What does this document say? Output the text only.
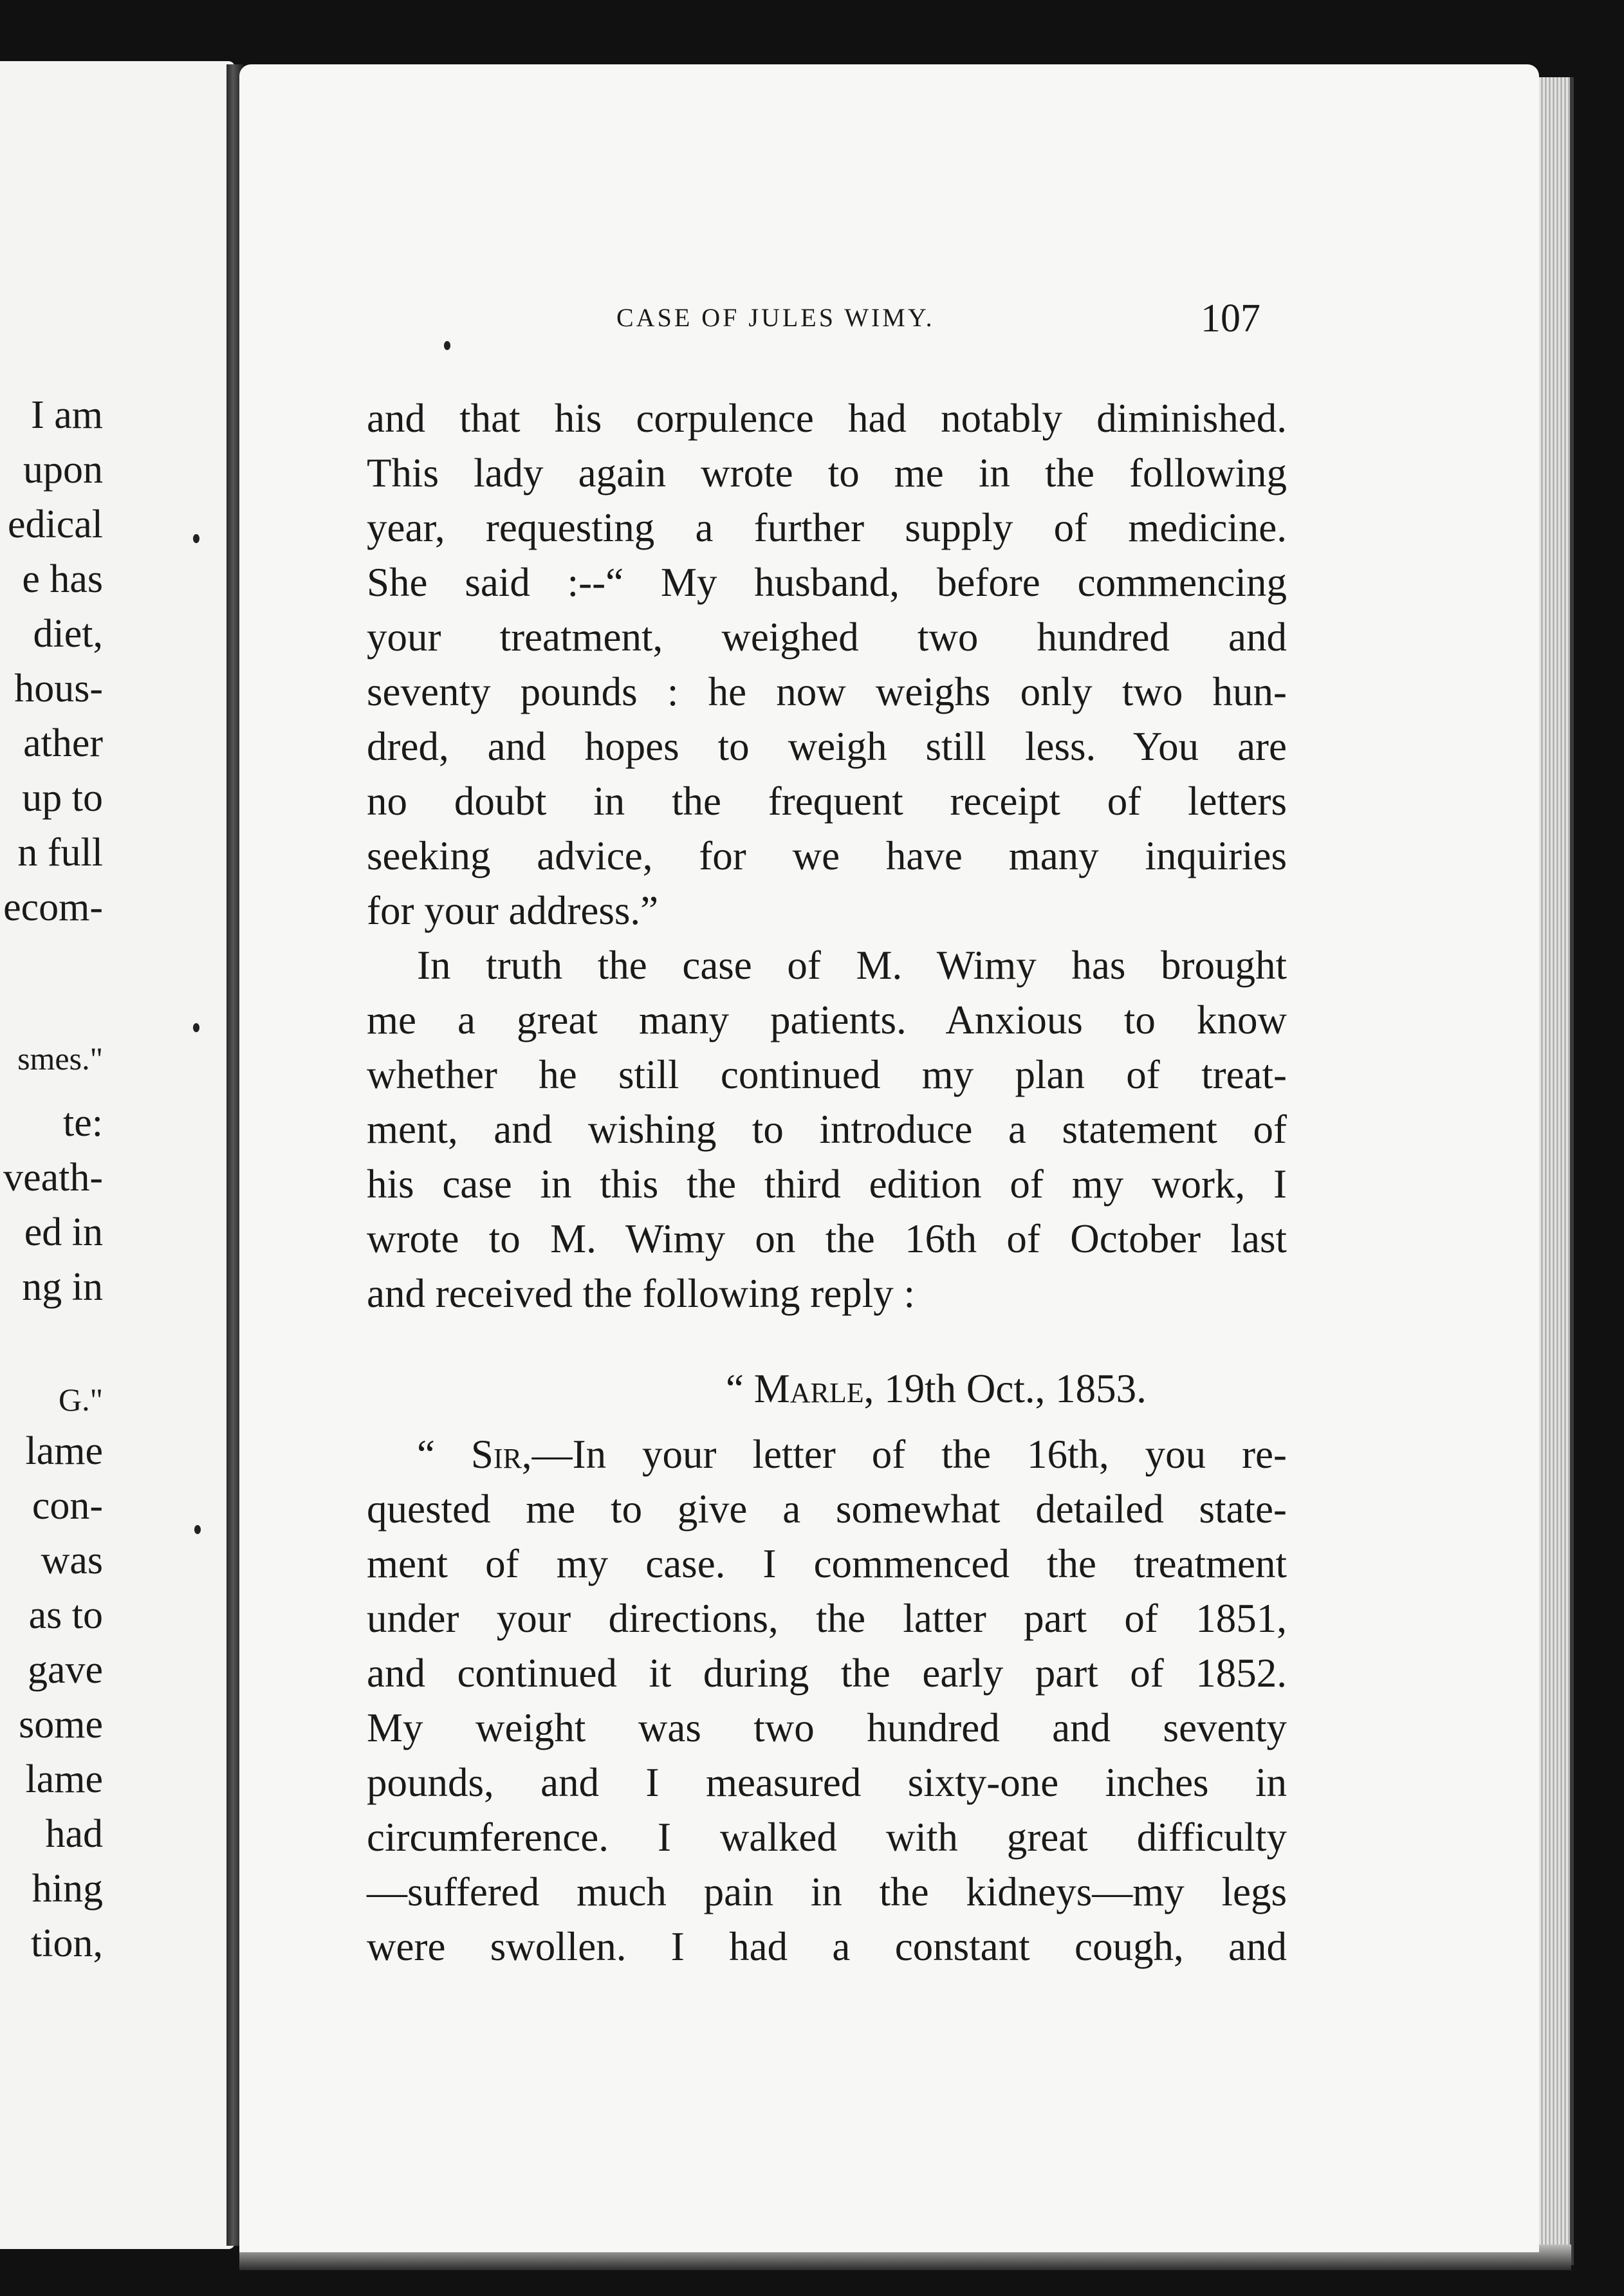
I am
upon
edical
e has
diet,
hous-
ather
up to
n full
ecom-
smes."
te:
veath-
ed in
ng in
G."
lame
con-
was
as to
gave
some
lame
had
hing
tion,
CASE OF JULES WIMY.	107
and that his corpulence had notably diminished.
This lady again wrote to me in the following
year, requesting a further supply of medicine.
She said :--“ My husband, before commencing
your treatment, weighed two hundred and
seventy pounds : he now weighs only two hun-
dred, and hopes to weigh still less. You are
no doubt in the frequent receipt of letters
seeking advice, for we have many inquiries
for your address.”
In truth the case of M. Wimy has brought
me a great many patients. Anxious to know
whether he still continued my plan of treat-
ment, and wishing to introduce a statement of
his case in this the third edition of my work, I
wrote to M. Wimy on the 16th of October last
and received the following reply :
“ Marle, 19th Oct., 1853.
“ Sir,—In your letter of the 16th, you re-
quested me to give a somewhat detailed state-
ment of my case. I commenced the treatment
under your directions, the latter part of 1851,
and continued it during the early part of 1852.
My weight was two hundred and seventy
pounds, and I measured sixty-one inches in
circumference. I walked with great difficulty
—suffered much pain in the kidneys—my legs
were swollen. I had a constant cough, and
